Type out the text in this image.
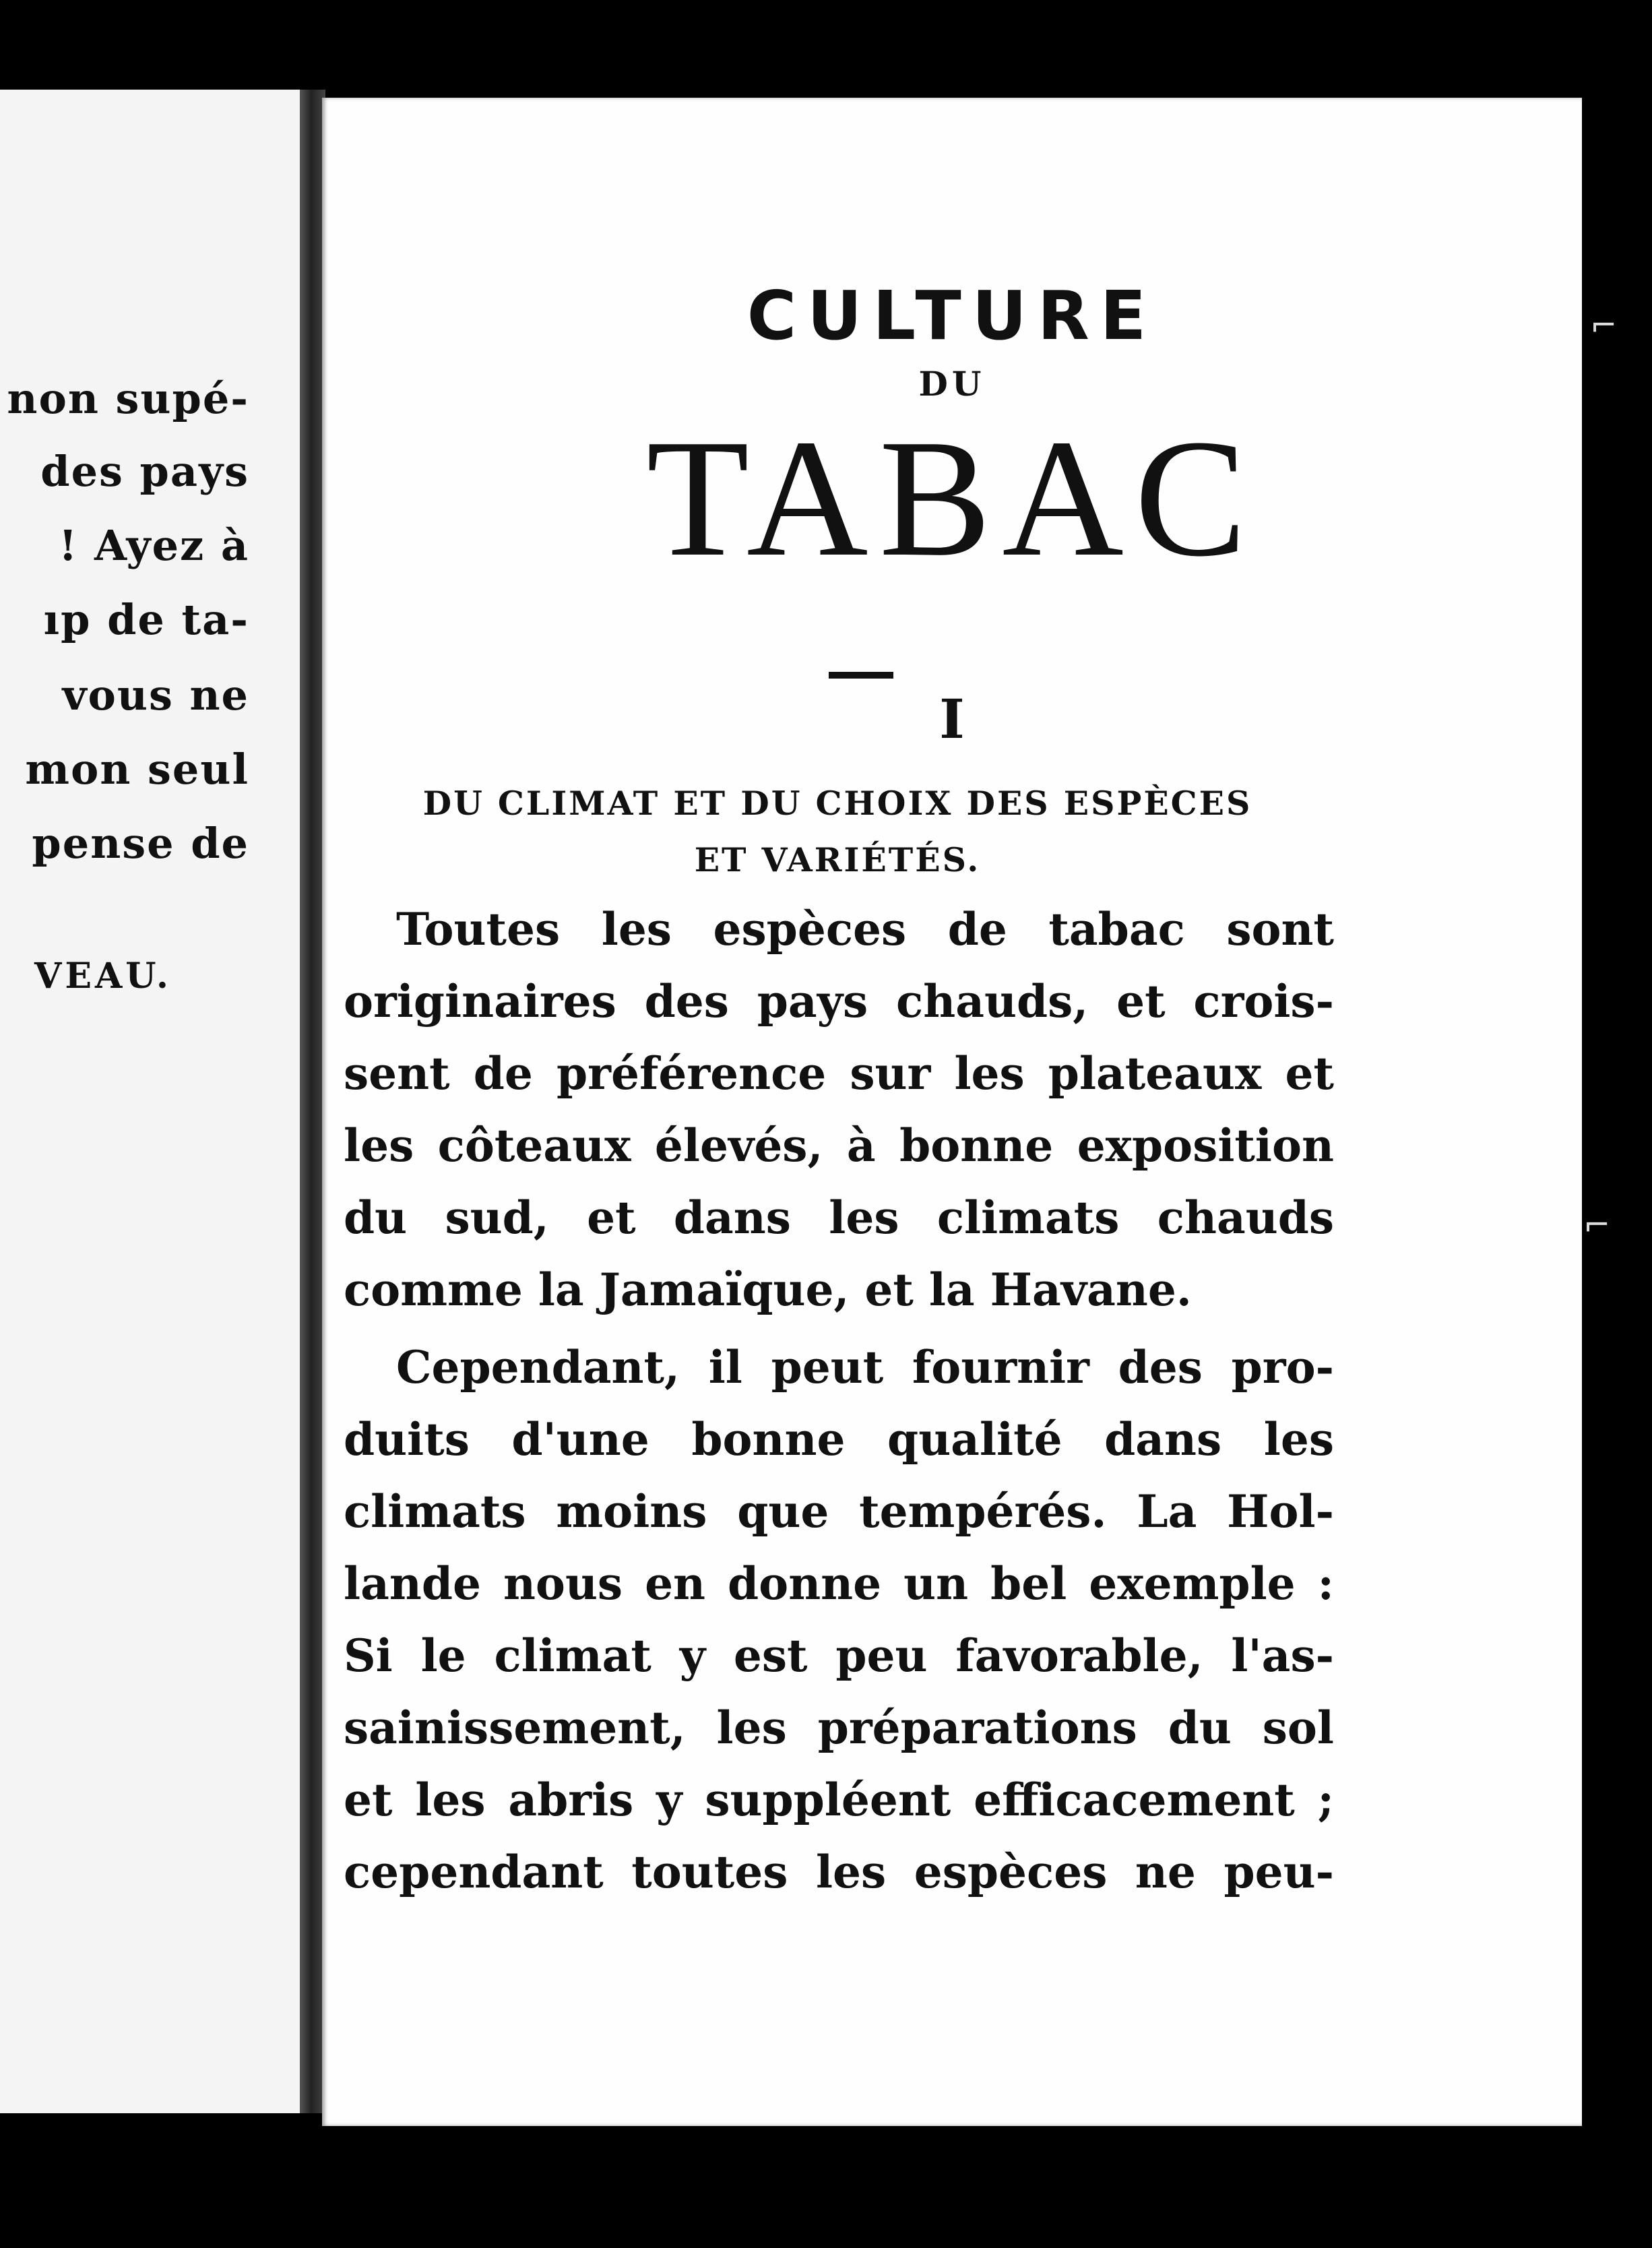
non supé-
des pays
! Ayez à
ıp de ta-
vous ne
mon seul
pense de
VEAU.
CULTURE
DU
TABAC
I
DU CLIMAT ET DU CHOIX DES ESPÈCES
ET VARIÉTÉS.
Toutes les espèces de tabac sont
originaires des pays chauds, et crois-
sent de préférence sur les plateaux et
les côteaux élevés, à bonne exposition
du sud, et dans les climats chauds
comme la Jamaïque, et la Havane.
Cependant, il peut fournir des pro-
duits d'une bonne qualité dans les
climats moins que tempérés. La Hol-
lande nous en donne un bel exemple :
Si le climat y est peu favorable, l'as-
sainissement, les préparations du sol
et les abris y suppléent efficacement ;
cependant toutes les espèces ne peu-
⌐
⌐
